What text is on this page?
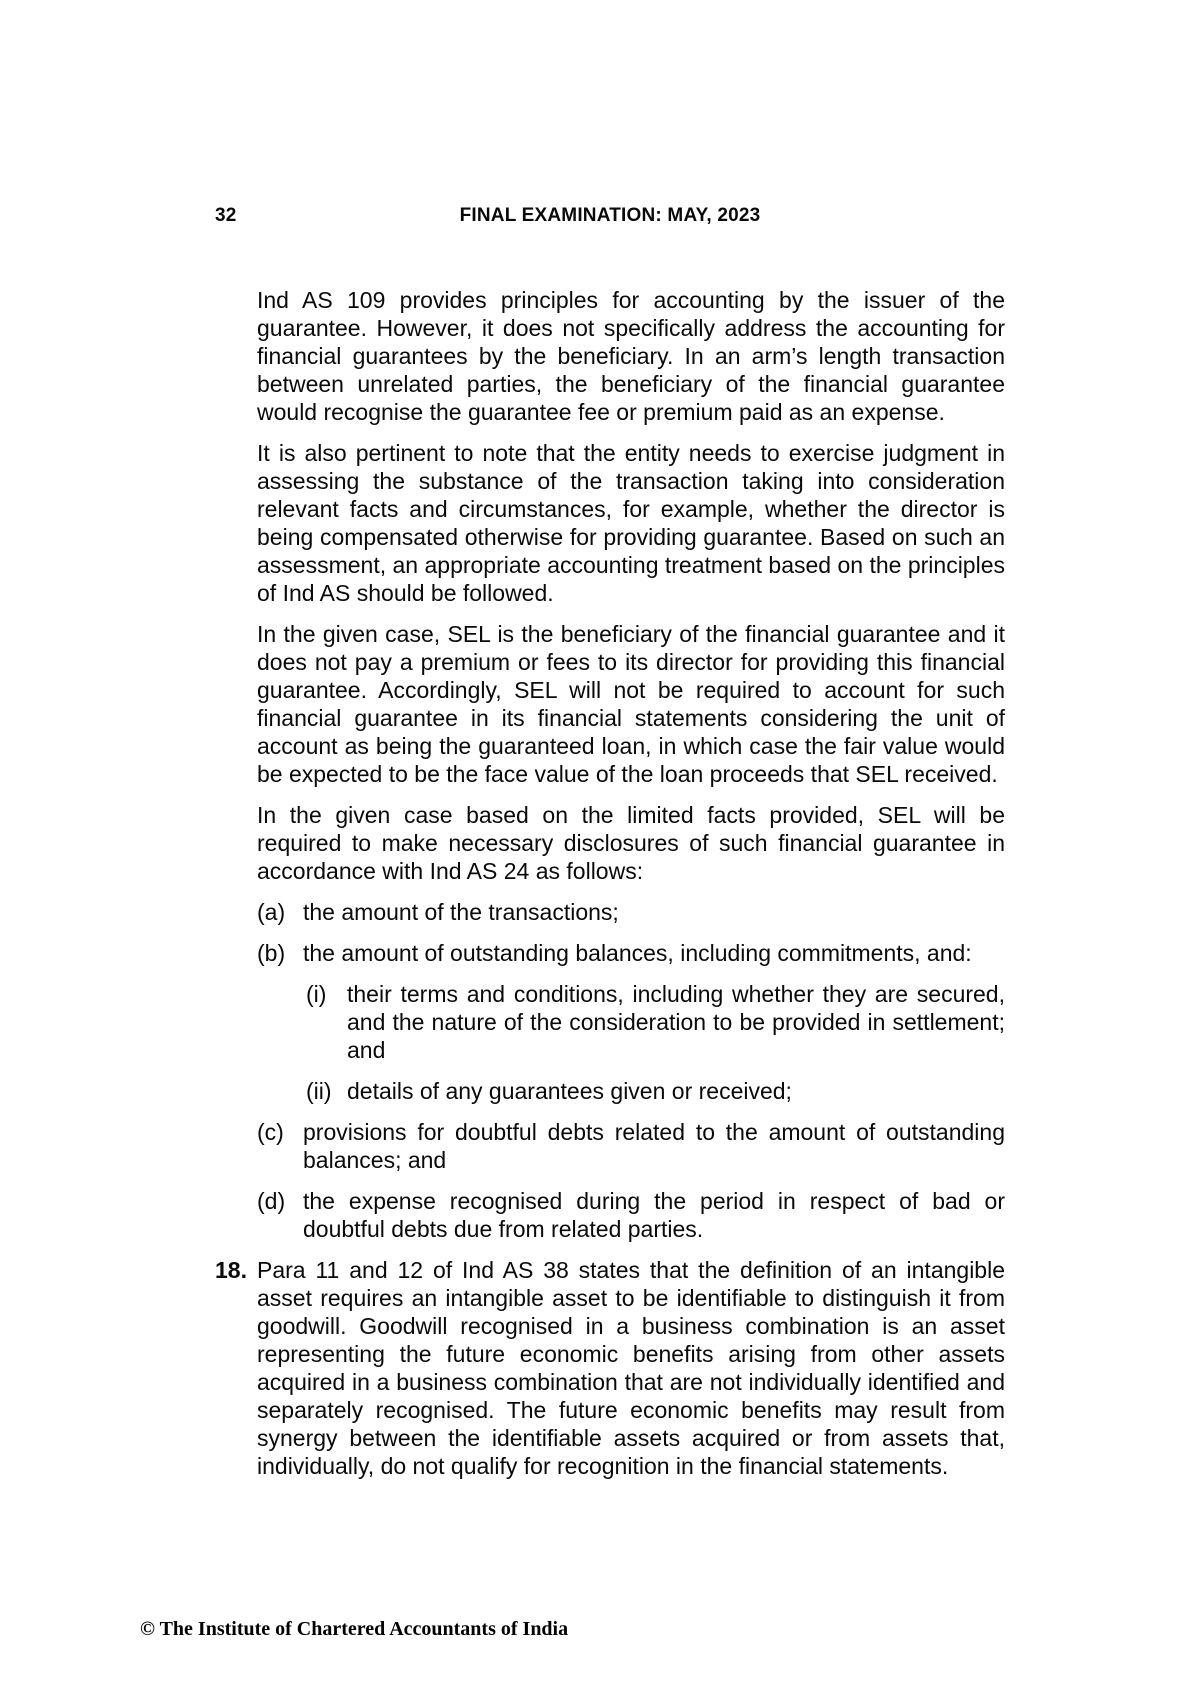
32	FINAL EXAMINATION: MAY, 2023

Ind AS 109 provides principles for accounting by the issuer of the guarantee. However, it does not specifically address the accounting for financial guarantees by the beneficiary. In an arm’s length transaction between unrelated parties, the beneficiary of the financial guarantee would recognise the guarantee fee or premium paid as an expense.

It is also pertinent to note that the entity needs to exercise judgment in assessing the substance of the transaction taking into consideration relevant facts and circumstances, for example, whether the director is being compensated otherwise for providing guarantee. Based on such an assessment, an appropriate accounting treatment based on the principles of Ind AS should be followed.

In the given case, SEL is the beneficiary of the financial guarantee and it does not pay a premium or fees to its director for providing this financial guarantee. Accordingly, SEL will not be required to account for such financial guarantee in its financial statements considering the unit of account as being the guaranteed loan, in which case the fair value would be expected to be the face value of the loan proceeds that SEL received.

In the given case based on the limited facts provided, SEL will be required to make necessary disclosures of such financial guarantee in accordance with Ind AS 24 as follows:

(a) the amount of the transactions;
(b) the amount of outstanding balances, including commitments, and:
(i) their terms and conditions, including whether they are secured, and the nature of the consideration to be provided in settlement; and
(ii) details of any guarantees given or received;
(c) provisions for doubtful debts related to the amount of outstanding balances; and
(d) the expense recognised during the period in respect of bad or doubtful debts due from related parties.
18. Para 11 and 12 of Ind AS 38 states that the definition of an intangible asset requires an intangible asset to be identifiable to distinguish it from goodwill. Goodwill recognised in a business combination is an asset representing the future economic benefits arising from other assets acquired in a business combination that are not individually identified and separately recognised. The future economic benefits may result from synergy between the identifiable assets acquired or from assets that, individually, do not qualify for recognition in the financial statements.
© The Institute of Chartered Accountants of India
